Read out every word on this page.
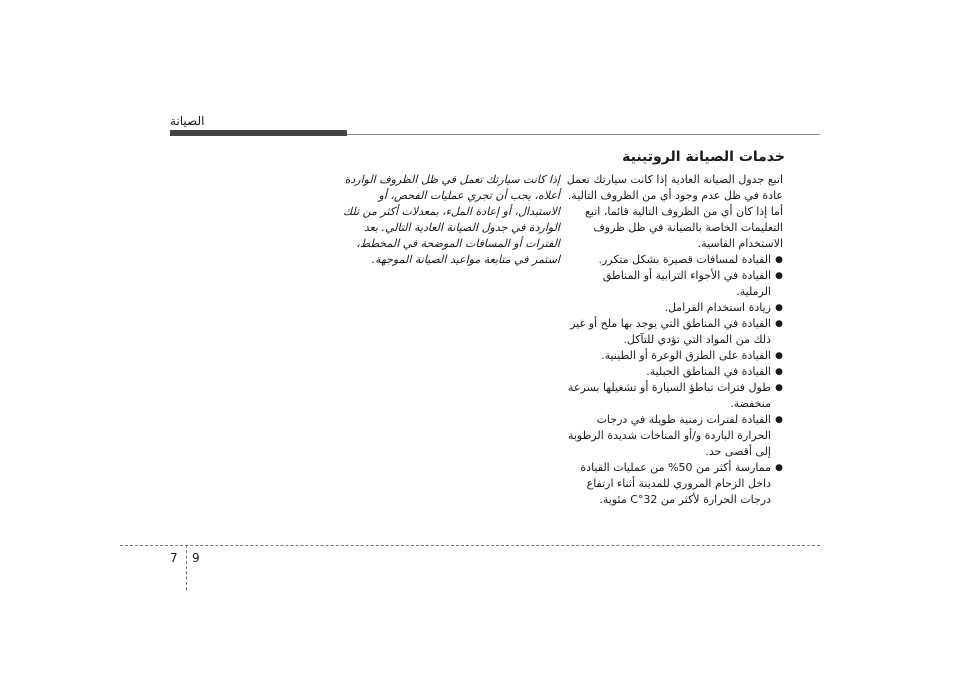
الصيانة
خدمات الصيانة الروتينية

اتبع جدول الصيانة العادية إذا كانت سيارتك تعمل عادة في ظل عدم وجود أي من الظروف التالية. أما إذا كان أي من الظروف التالية قائما، اتبع التعليمات الخاصة بالصيانة في ظل ظروف الاستخدام القاسية.

● القيادة لمسافات قصيرة بشكل متكرر.
● القيادة في الأجواء الترابية أو المناطق الرملية.
● زيادة استخدام الفرامل.
● القيادة في المناطق التي يوجد بها ملح أو غير ذلك من المواد التي تؤدي للتآكل.
● القيادة على الطرق الوعرة أو الطينية.
● القيادة في المناطق الجبلية.
● طول فترات تباطؤ السيارة أو تشغيلها بسرعة منخفضة.
● القيادة لفترات زمنية طويلة في درجات الحرارة الباردة و/أو المناخات شديدة الرطوبة إلى أقصى حد.
● ممارسة أكثر من 50% من عمليات القيادة داخل الزحام المروري للمدينة أثناء ارتفاع درجات الحرارة لأكثر من 32°C مئوية.

إذا كانت سيارتك تعمل في ظل الظروف الواردة أعلاه، يجب أن تجري عمليات الفحص، أو الاستبدال، أو إعادة الملء، بمعدلات أكثر من تلك الواردة في جدول الصيانة العادية التالي. بعد الفترات أو المسافات الموضحة في المخطط، استمر في متابعة مواعيد الصيانة الموجهة.

7 9
